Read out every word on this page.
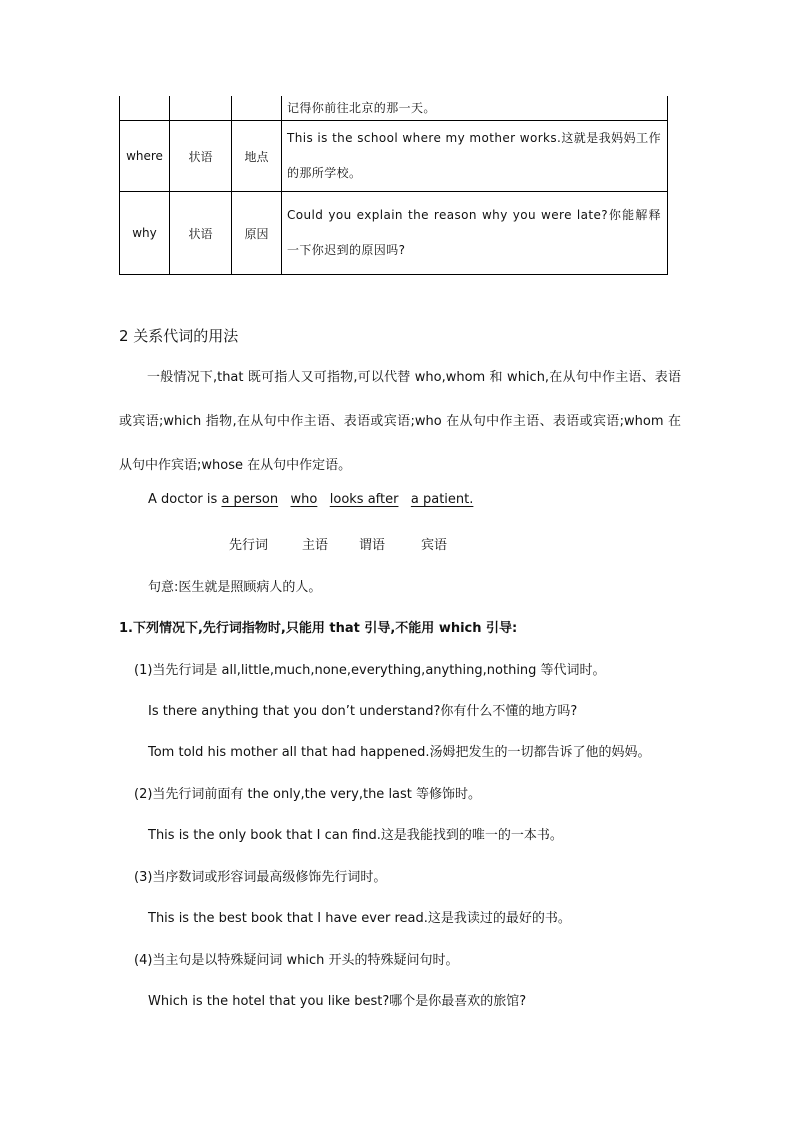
			记得你前往北京的那一天。
where	状语	地点	This is the school where my mother works.这就是我妈妈工作的那所学校。
why	状语	原因	Could you explain the reason why you were late?你能解释一下你迟到的原因吗?
2 关系代词的用法
一般情况下,that 既可指人又可指物,可以代替 who,whom 和 which,在从句中作主语、表语或宾语;which 指物,在从句中作主语、表语或宾语;who 在从句中作主语、表语或宾语;whom 在从句中作宾语;whose 在从句中作定语。
A doctor is a person who looks after a patient.
先行词	主语 谓语	宾语
句意:医生就是照顾病人的人。
1.下列情况下,先行词指物时,只能用 that 引导,不能用 which 引导:
(1)当先行词是 all,little,much,none,everything,anything,nothing 等代词时。
Is there anything that you don’t understand?你有什么不懂的地方吗?
Tom told his mother all that had happened.汤姆把发生的一切都告诉了他的妈妈。
(2)当先行词前面有 the only,the very,the last 等修饰时。
This is the only book that I can find.这是我能找到的唯一的一本书。
(3)当序数词或形容词最高级修饰先行词时。
This is the best book that I have ever read.这是我读过的最好的书。
(4)当主句是以特殊疑问词 which 开头的特殊疑问句时。
Which is the hotel that you like best?哪个是你最喜欢的旅馆?
